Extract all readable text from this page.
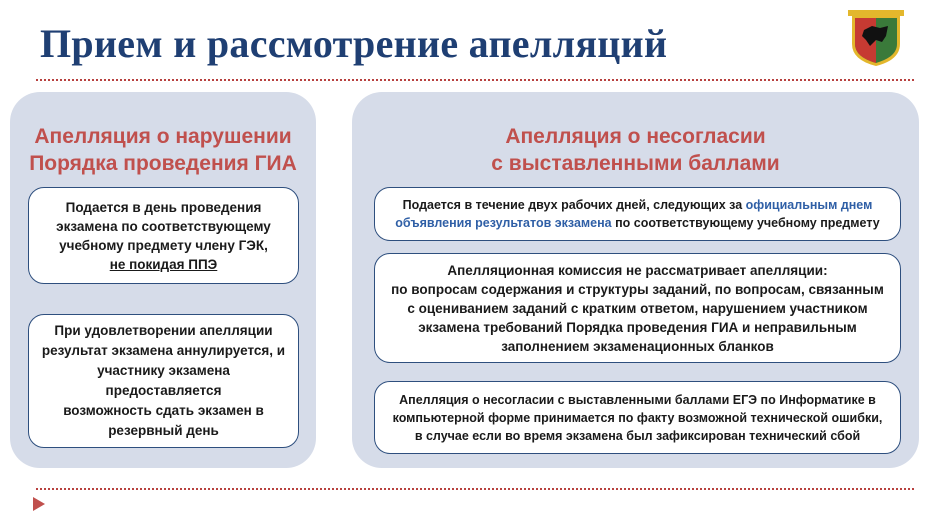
Прием и рассмотрение апелляций
Апелляция о нарушении
Порядка проведения ГИА
Подается в день проведения
экзамена по соответствующему
учебному предмету члену ГЭК,
не покидая ППЭ
При удовлетворении апелляции
результат экзамена аннулируется, и
участнику экзамена предоставляется
возможность сдать экзамен в
резервный день
Апелляция о несогласии
с выставленными баллами
Подается в течение двух рабочих дней, следующих за официальным днем
объявления результатов экзамена по соответствующему учебному предмету
Апелляционная комиссия не рассматривает апелляции:
по вопросам содержания и структуры заданий, по вопросам, связанным
с оцениванием заданий с кратким ответом, нарушением участником
экзамена требований Порядка проведения ГИА и неправильным
заполнением экзаменационных бланков
Апелляция о несогласии с выставленными баллами ЕГЭ по Информатике в
компьютерной форме принимается по факту возможной технической ошибки,
в случае если во время экзамена был зафиксирован технический сбой
